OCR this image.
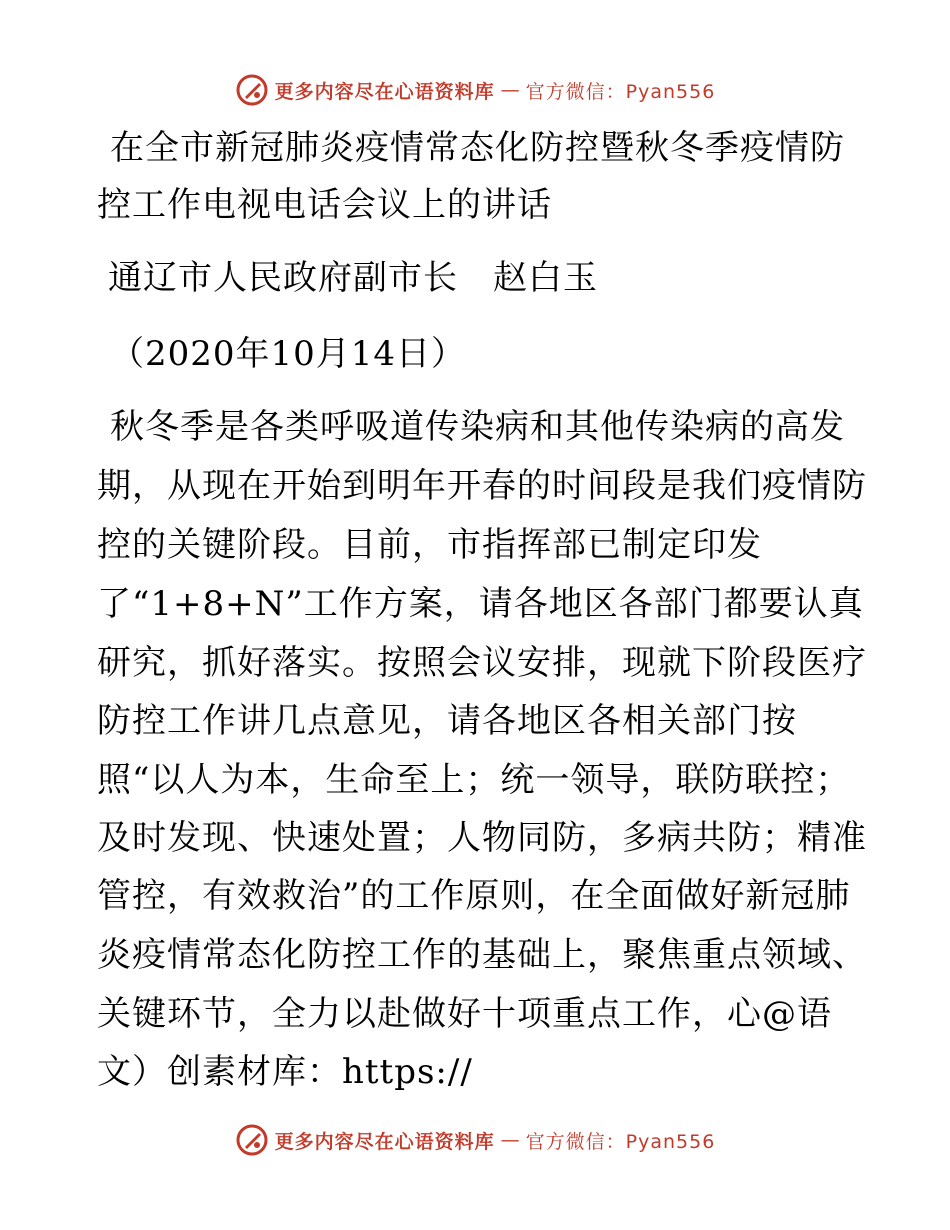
更多内容尽在心语资料库 — 官方微信：Pyan556
在全市新冠肺炎疫情常态化防控暨秋冬季疫情防
控工作电视电话会议上的讲话
通辽市人民政府副市长　赵白玉
（2020年10月14日）
秋冬季是各类呼吸道传染病和其他传染病的高发
期，从现在开始到明年开春的时间段是我们疫情防
控的关键阶段。目前，市指挥部已制定印发
了“1+8+N”工作方案，请各地区各部门都要认真
研究，抓好落实。按照会议安排，现就下阶段医疗
防控工作讲几点意见，请各地区各相关部门按
照“以人为本，生命至上；统一领导，联防联控；
及时发现、快速处置；人物同防，多病共防；精准
管控，有效救治”的工作原则，在全面做好新冠肺
炎疫情常态化防控工作的基础上，聚焦重点领域、
关键环节，全力以赴做好十项重点工作，心@语
文）创素材库：https://
更多内容尽在心语资料库 — 官方微信：Pyan556
